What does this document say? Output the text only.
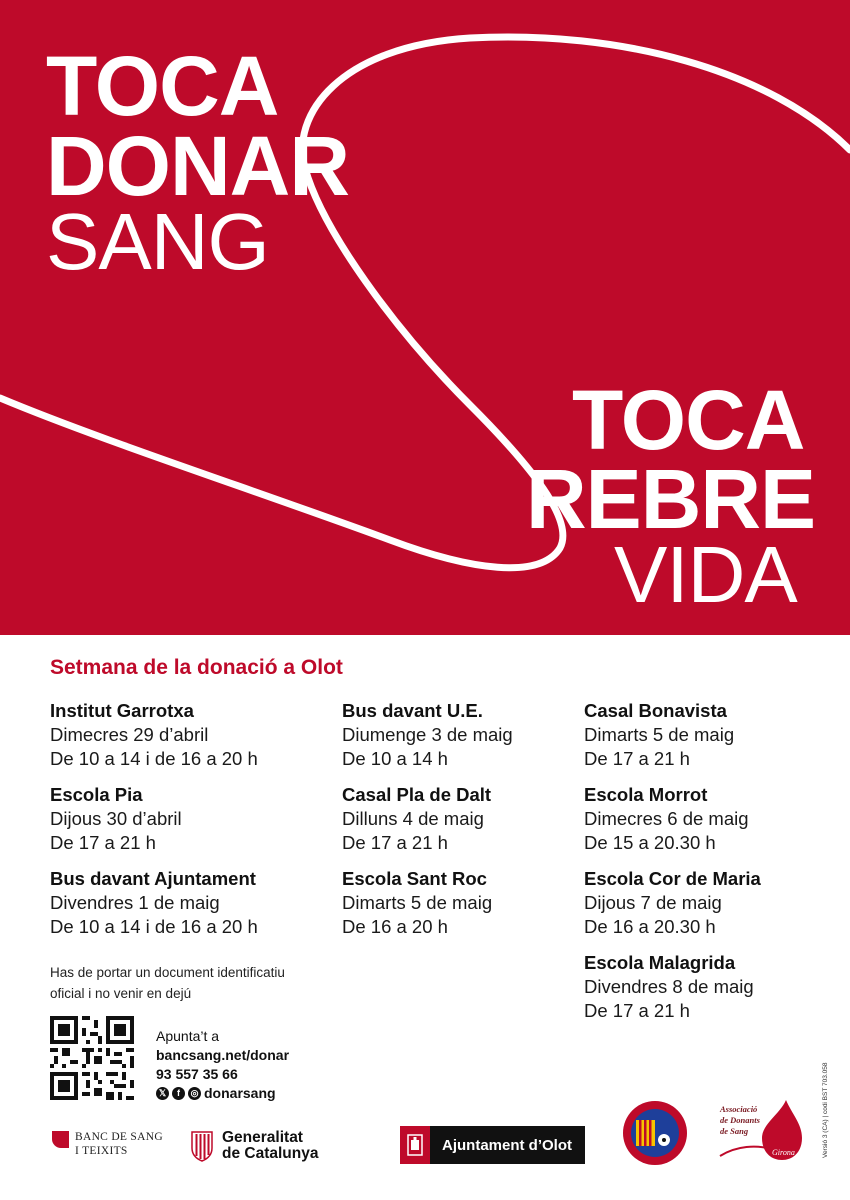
TOCA
DONAR
SANG
TOCA
REBRE
VIDA
Setmana de la donació a Olot
Institut Garrotxa
Dimecres 29 d’abril
De 10 a 14 i de 16 a 20 h
Escola Pia
Dijous 30 d’abril
De 17 a 21 h
Bus davant Ajuntament
Divendres 1 de maig
De 10 a 14 i de 16 a 20 h
Bus davant U.E.
Diumenge 3 de maig
De 10 a 14 h
Casal Pla de Dalt
Dilluns 4 de maig
De 17 a 21 h
Escola Sant Roc
Dimarts 5 de maig
De 16 a 20 h
Casal Bonavista
Dimarts 5 de maig
De 17 a 21 h
Escola Morrot
Dimecres 6 de maig
De 15 a 20.30 h
Escola Cor de Maria
Dijous 7 de maig
De 16 a 20.30 h
Escola Malagrida
Divendres 8 de maig
De 17 a 21 h
Has de portar un document identificatiu
oficial i no venir en dejú
Apunta’t a
bancsang.net/donar
93 557 35 66
𝕏	f	◎ donarsang	Versió 3 (CA) | codi BST 703.058
BANC DE SANG
I TEIXITS
Generalitat
de Catalunya	Ajuntament d’Olot
Associació
de Donants
de Sang
Girona
